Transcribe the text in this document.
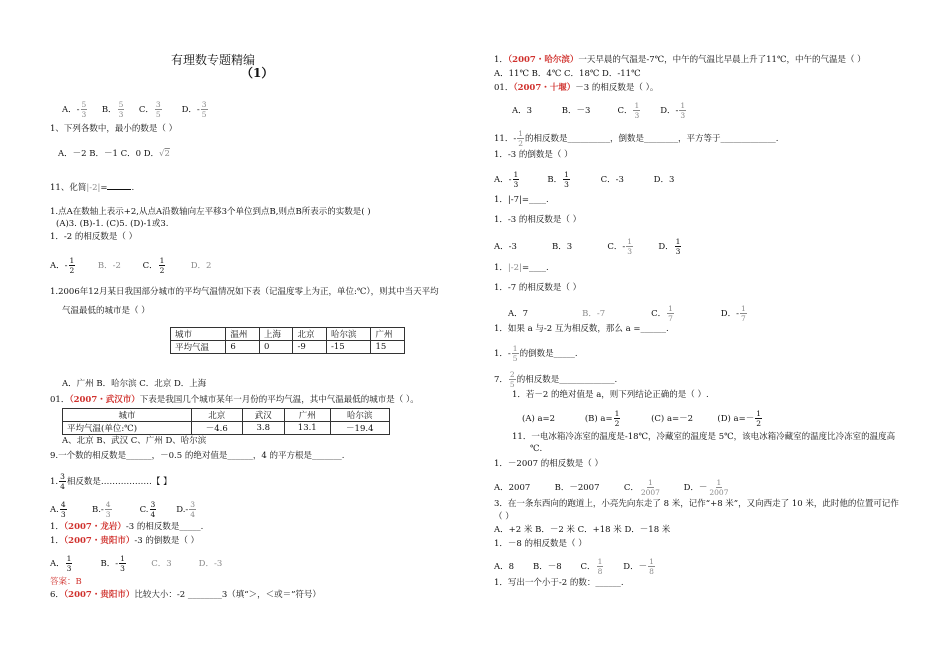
有理数专题精编
（1）
A．- $\frac{5}{3}$ B． $\frac{5}{3}$ C． $\frac{3}{5}$ D．- $\frac{3}{5}$
1、下列各数中，最小的数是（ ）
A．－2 B．－1 C．0 D．√2
11、化简|-2|=	.
1.点A在数轴上表示+2,从点A沿数轴向左平移3个单位到点B,则点B所表示的实数是( )
(A)3. (B)-1. (C)5. (D)-1或3.
1．-2 的相反数是（ ）
A．- $\frac{1}{2}$	B．-2	C． $\frac{1}{2}$	D．2
1.2006年12月某日我国部分城市的平均气温情况如下表（记温度零上为正，单位:℃），则其中当天平均
气温最低的城市是（ ）
城市	温州	上海	北京	哈尔滨	广州
平均气温	6	0	-9	-15	15
A．广州 B．哈尔滨 C．北京 D．上海
01．（2007・武汉市）下表是我国几个城市某年一月份的平均气温，其中气温最低的城市是（ ）。
城市	北京	武汉	广州	哈尔滨
平均气温(单位:℃)	－4.6	3.8	13.1	－19.4
A、北京 B、武汉 C、广州 D、哈尔滨
9.一个数的相反数是______，－0.5 的绝对值是______，4 的平方根是_______.
1. $\frac{3}{4}$ 相反数是………………【 】
A. $\frac{4}{3}$	$B.- \frac{4}{3}$	C. $\frac{3}{4} D.- \frac{3}{4}$
1．（2007・龙岩）-3 的相反数是_____.
1．（2007・贵阳市）-3 的倒数是（ ）
A． $\frac{1}{3}$	B．- $\frac{1}{3}$	C．3	D．-3
答案：B
6．（2007・贵阳市）比较大小：-2 ________3（填“＞，＜或＝”符号）
1．（2007・哈尔滨）一天早晨的气温是-7℃，中午的气温比早晨上升了11℃，中午的气温是（ ）
A．11℃ B．4℃ C．18℃ D．-11℃
01．（2007・十堰）－3 的相反数是（ ）。
A．3	B．－3	C． $\frac{1}{3}$ D．- $\frac{1}{3}$
11．- $\frac{1}{2}$ 的相反数是__________，倒数是________，平方等于_____________.
1．-3 的倒数是（ ）
A．- $\frac{1}{3}$	B． $\frac{1}{3}$	C．-3	D．3
1．|-7|=____.
1．-3 的相反数是（ ）
A．-3	B．3	C．- $\frac{1}{3}$	D． $\frac{1}{3}$
1．|-2|=____.
1．-7 的相反数是（ ）
A．7	B．-7	C． $\frac{1}{7}$	D．- $\frac{1}{7}$
1．如果 a 与-2 互为相反数，那么 a =______.
1．- $\frac{1}{5}$ 的倒数是_____.
7． $\frac{2}{5}$ 的相反数是_____________.
1．若－2 的绝对值是 a，则下列结论正确的是（ ）.
(A) a=2	(B) $a= \frac{1}{2}$	(C) a=－2	(D) $a=- \frac{1}{2}$
11．一电冰箱冷冻室的温度是-18℃，冷藏室的温度是 5℃，该电冰箱冷藏室的温度比冷冻室的温度高
℃.
1．－2007 的相反数是（ ）
A．2007	B．－2007	C． $\frac{1}{2007}$	D．－ $\frac{1}{2007}$
3．在一条东西向的跑道上，小亮先向东走了 8 米，记作“+8 米”，又向西走了 10 米，此时他的位置可记作
（ ）
A．+2 米 B．－2 米 C．+18 米 D．－18 米
1．－8 的相反数是（ ）
A．8 B．－8 C． $\frac{1}{8}$ D．－ $\frac{1}{8}$
1．写出一个小于-2 的数：______.
